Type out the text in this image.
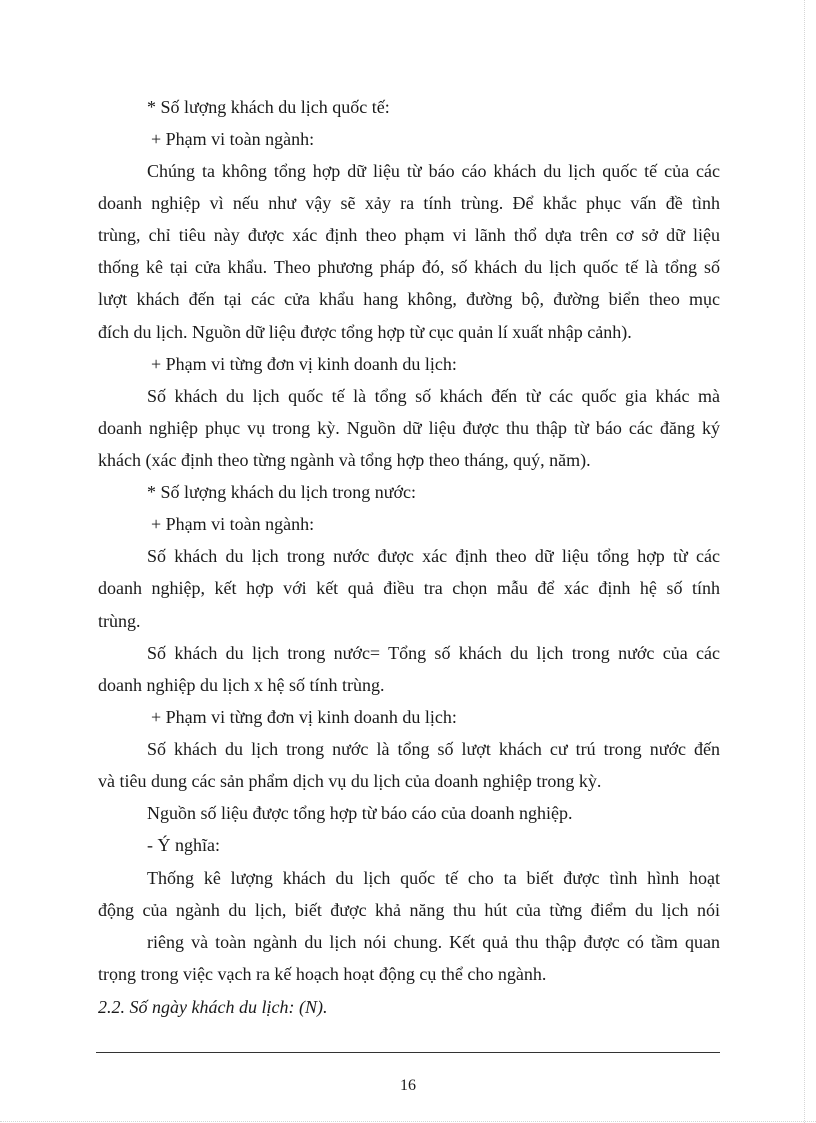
* Số lượng khách du lịch quốc tế:
+ Phạm vi toàn ngành:
Chúng ta không tổng hợp dữ liệu từ báo cáo khách du lịch quốc tế của các
doanh nghiệp vì nếu như vậy sẽ xảy ra tính trùng. Để khắc phục vấn đề tình
trùng, chỉ tiêu này được xác định theo phạm vi lãnh thổ dựa trên cơ sở dữ liệu
thống kê tại cửa khẩu. Theo phương pháp đó, số khách du lịch quốc tế là tổng số
lượt khách đến tại các cửa khẩu hang không, đường bộ, đường biển theo mục
đích du lịch. Nguồn dữ liệu được tổng hợp từ cục quản lí xuất nhập cảnh).
+ Phạm vi từng đơn vị kinh doanh du lịch:
Số khách du lịch quốc tế là tổng số khách đến từ các quốc gia khác mà
doanh nghiệp phục vụ trong kỳ. Nguồn dữ liệu được thu thập từ báo các đăng ký
khách (xác định theo từng ngành và tổng hợp theo tháng, quý, năm).
* Số lượng khách du lịch trong nước:
+ Phạm vi toàn ngành:
Số khách du lịch trong nước được xác định theo dữ liệu tổng hợp từ các
doanh nghiệp, kết hợp với kết quả điều tra chọn mẫu để xác định hệ số tính
trùng.
Số khách du lịch trong nước= Tổng số khách du lịch trong nước của các
doanh nghiệp du lịch x hệ số tính trùng.
+ Phạm vi từng đơn vị kinh doanh du lịch:
Số khách du lịch trong nước là tổng số lượt khách cư trú trong nước đến
và tiêu dung các sản phẩm dịch vụ du lịch của doanh nghiệp trong kỳ.
Nguồn số liệu được tổng hợp từ báo cáo của doanh nghiệp.
- Ý nghĩa:
Thống kê lượng khách du lịch quốc tế cho ta biết được tình hình hoạt
động của ngành du lịch, biết được khả năng thu hút của từng điểm du lịch nói
riêng và toàn ngành du lịch nói chung. Kết quả thu thập được có tầm quan
trọng trong việc vạch ra kế hoạch hoạt động cụ thể cho ngành.
2.2. Số ngày khách du lịch: (N).
16
